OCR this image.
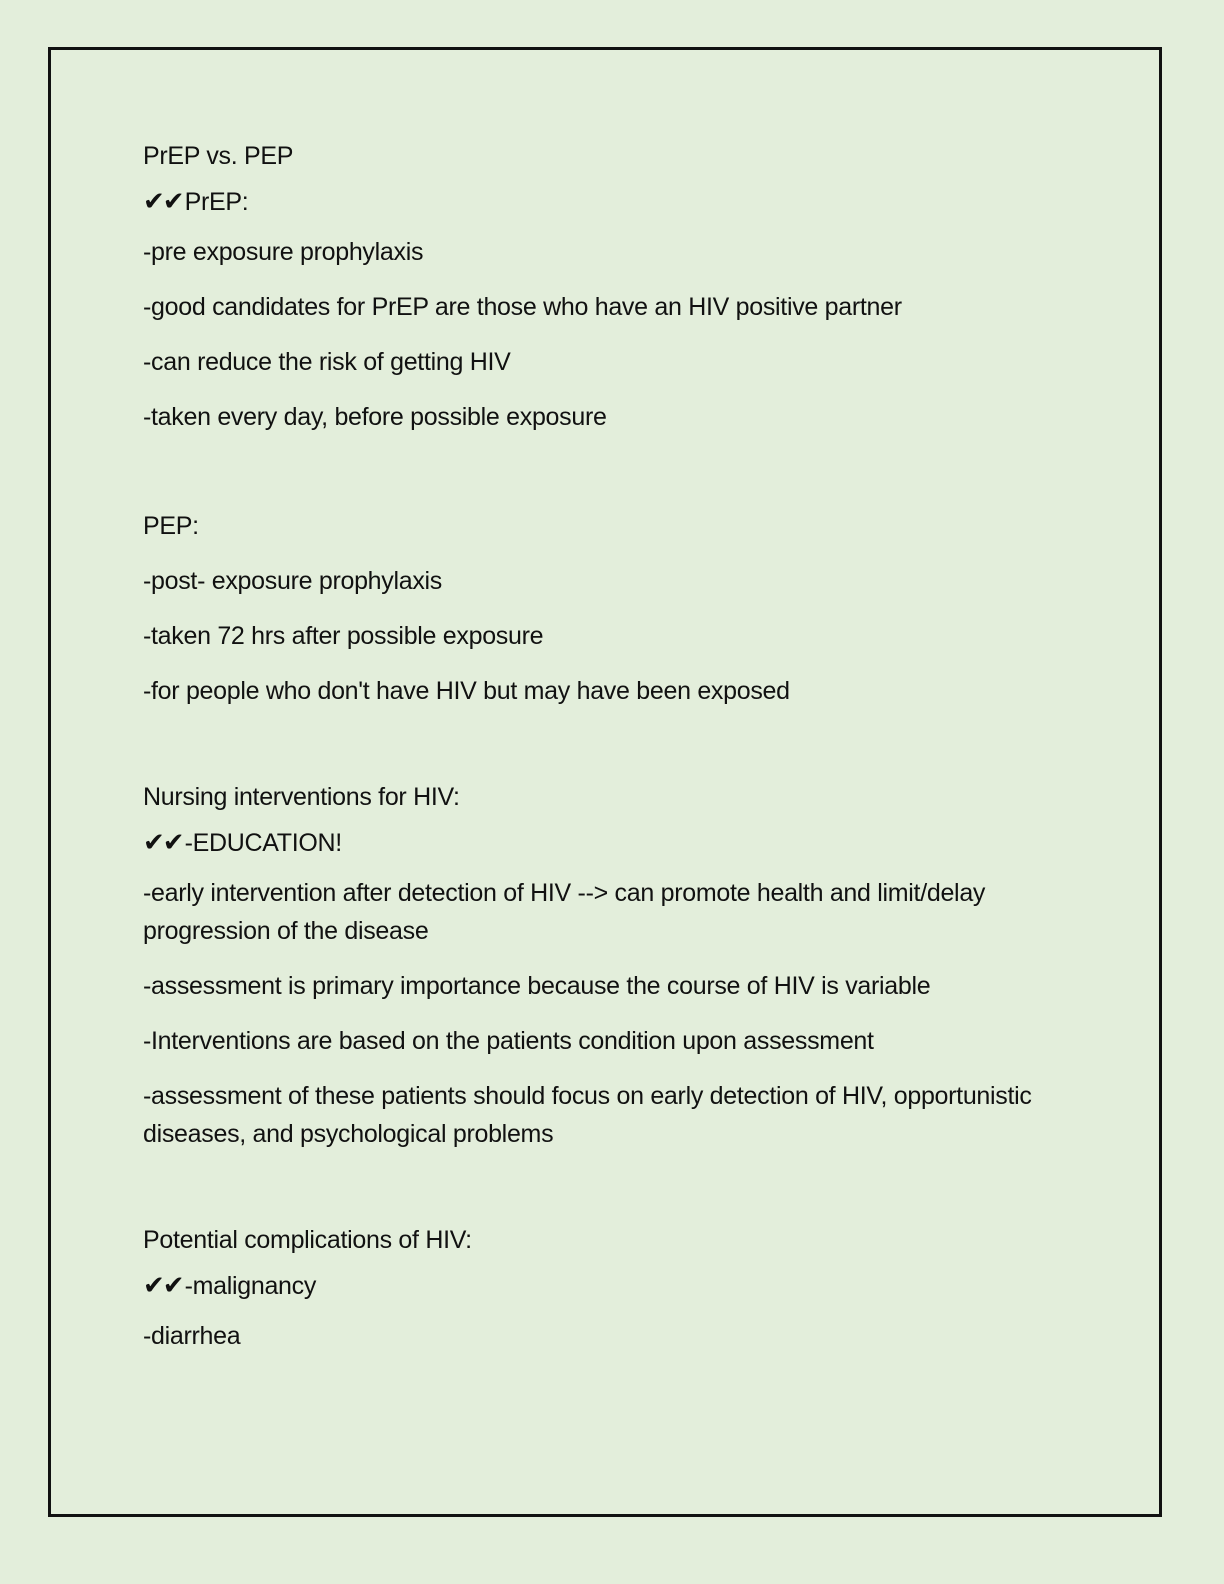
PrEP vs. PEP
✔✔PrEP:
-pre exposure prophylaxis
-good candidates for PrEP are those who have an HIV positive partner
-can reduce the risk of getting HIV
-taken every day, before possible exposure
PEP:
-post- exposure prophylaxis
-taken 72 hrs after possible exposure
-for people who don't have HIV but may have been exposed
Nursing interventions for HIV:
✔✔-EDUCATION!
-early intervention after detection of HIV --> can promote health and limit/delay progression of the disease
-assessment is primary importance because the course of HIV is variable
-Interventions are based on the patients condition upon assessment
-assessment of these patients should focus on early detection of HIV, opportunistic diseases, and psychological problems
Potential complications of HIV:
✔✔-malignancy
-diarrhea
